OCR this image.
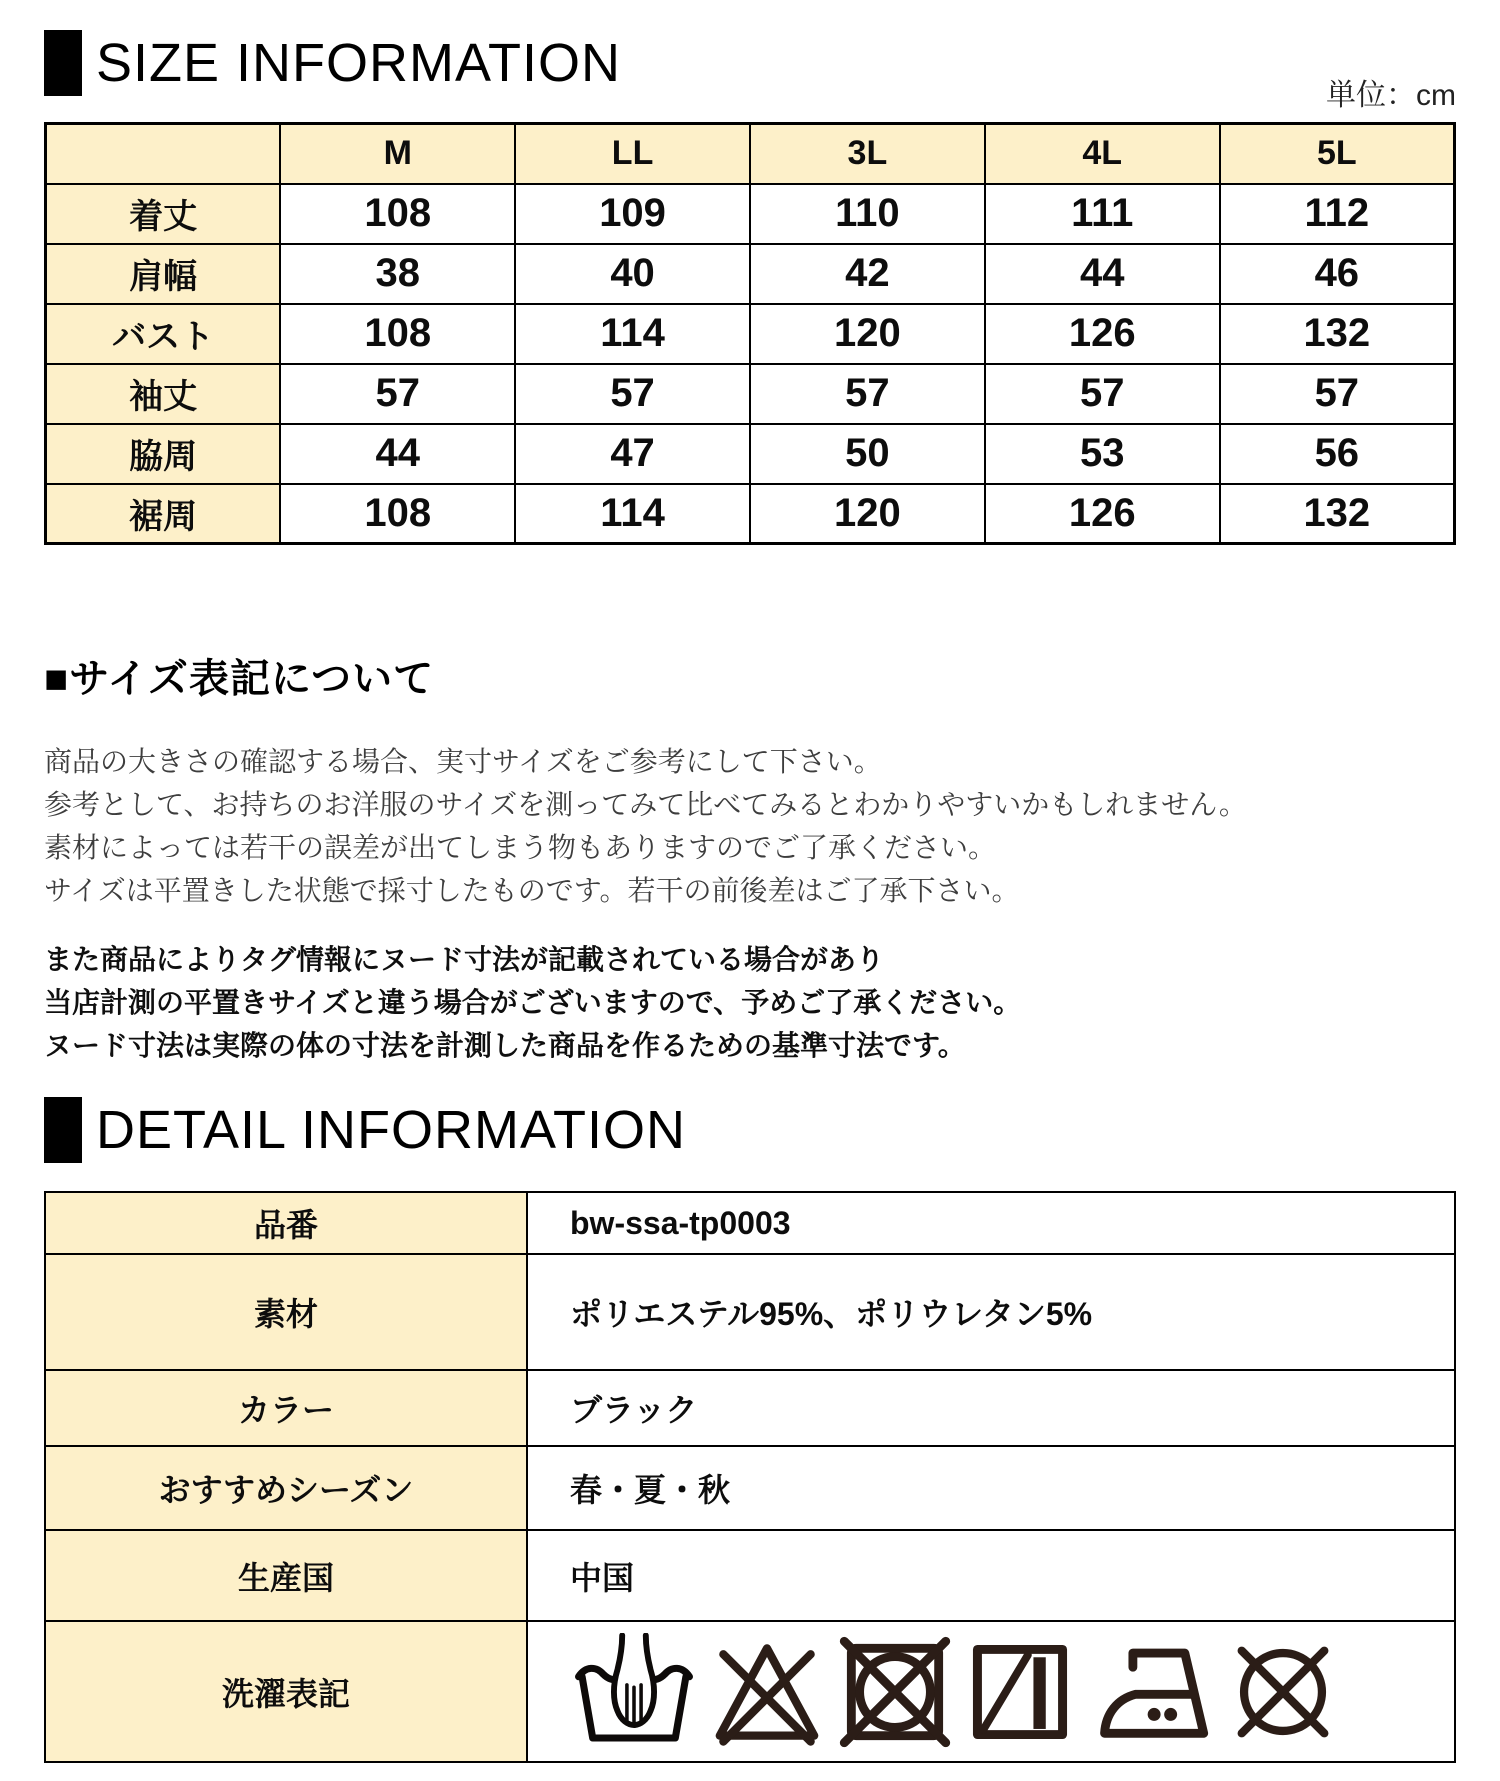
SIZE INFORMATION
単位：cm
	M	LL	3L	4L	5L
着丈	108	109	110	111	112
肩幅	38	40	42	44	46
バスト	108	114	120	126	132
袖丈	57	57	57	57	57
脇周	44	47	50	53	56
裾周	108	114	120	126	132
■サイズ表記について
商品の大きさの確認する場合、実寸サイズをご参考にして下さい。
参考として、お持ちのお洋服のサイズを測ってみて比べてみるとわかりやすいかもしれません。
素材によっては若干の誤差が出てしまう物もありますのでご了承ください。
サイズは平置きした状態で採寸したものです。若干の前後差はご了承下さい。
また商品によりタグ情報にヌード寸法が記載されている場合があり
当店計測の平置きサイズと違う場合がございますので、予めご了承ください。
ヌード寸法は実際の体の寸法を計測した商品を作るための基準寸法です。
DETAIL INFORMATION
品番	bw-ssa-tp0003
素材	ポリエステル95%、ポリウレタン5%
カラー	ブラック
おすすめシーズン	春・夏・秋
生産国	中国
洗濯表記	
